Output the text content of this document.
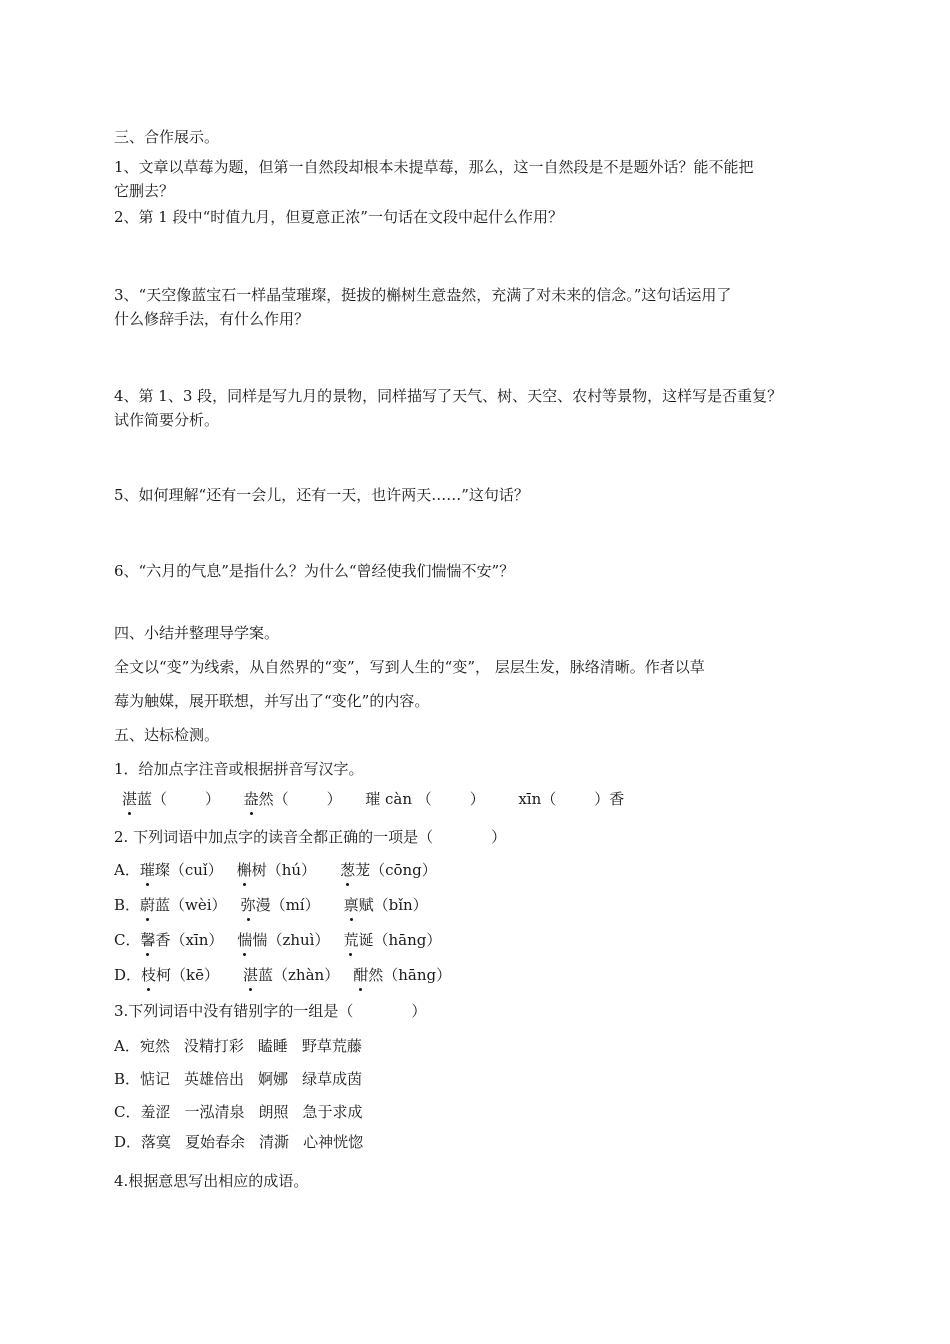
三、合作展示。
1、文章以草莓为题，但第一自然段却根本未提草莓，那么，这一自然段是不是题外话？能不能把
它删去？
2、第 1 段中“时值九月，但夏意正浓”一句话在文段中起什么作用？
3、“天空像蓝宝石一样晶莹璀璨，挺拔的槲树生意盎然，充满了对未来的信念。”这句话运用了
什么修辞手法，有什么作用？
4、第 1、3 段，同样是写九月的景物，同样描写了天气、树、天空、农村等景物，这样写是否重复？
试作简要分析。
5、如何理解“还有一会儿，还有一天，也许两天……”这句话？
6、“六月的气息”是指什么？为什么“曾经使我们惴惴不安”？
四、小结并整理导学案。
全文以“变”为线索，从自然界的“变”，写到人生的“变”， 层层生发，脉络清晰。作者以草
莓为触媒，展开联想，并写出了“变化”的内容。
五、达标检测。
1．给加点字注音或根据拼音写汉字。
湛蓝（	） 盎然（	） 璀 càn （	） xīn（	）香
2. 下列词语中加点字的读音全都正确的一项是（	）
A．璀璨（cuǐ） 槲树（hú） 葱茏（cōng）
B．蔚蓝（wèi） 弥漫（mí） 禀赋（bǐn）
C．馨香（xīn） 惴惴（zhuì） 荒诞（hāng）
D．枝柯（kē） 湛蓝（zhàn） 酣然（hāng）
3.下列词语中没有错别字的一组是（	）
A．宛然 没精打彩 瞌睡 野草荒藤
B．惦记 英雄倍出 婀娜 绿草成茵
C．羞涩 一泓清泉 朗照 急于求成
D．落寞 夏始春余 清澌 心神恍惚
4.根据意思写出相应的成语。
